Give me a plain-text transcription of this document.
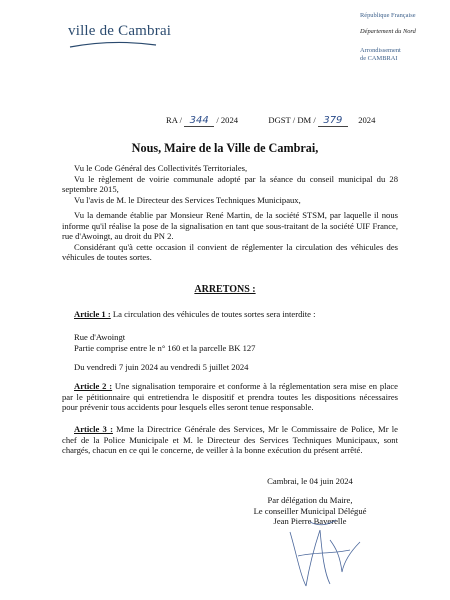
ville de Cambrai
République Française
Département du Nord
Arrondissement
de CAMBRAI
RA / 344 / 2024	DGST / DM / 379 2024
Nous, Maire de la Ville de Cambrai,

Vu le Code Général des Collectivités Territoriales,

Vu le règlement de voirie communale adopté par la séance du conseil municipal du 28 septembre 2015,

Vu l'avis de M. le Directeur des Services Techniques Municipaux,

Vu la demande établie par Monsieur René Martin, de la société STSM, par laquelle il nous informe qu'il réalise la pose de la signalisation en tant que sous-traitant de la société UIF France, rue d'Awoingt, au droit du PN 2.

Considérant qu'à cette occasion il convient de réglementer la circulation des véhicules des véhicules de toutes sortes.

ARRETONS :

Article 1 : La circulation des véhicules de toutes sortes sera interdite :

Rue d'Awoingt

Partie comprise entre le n° 160 et la parcelle BK 127

Du vendredi 7 juin 2024 au vendredi 5 juillet 2024

Article 2 : Une signalisation temporaire et conforme à la réglementation sera mise en place par le pétitionnaire qui entretiendra le dispositif et prendra toutes les dispositions nécessaires pour prévenir tous accidents pour lesquels elles seront tenue responsable.

Article 3 : Mme la Directrice Générale des Services, Mr le Commissaire de Police, Mr le chef de la Police Municipale et M. le Directeur des Services Techniques Municipaux, sont chargés, chacun en ce qui le concerne, de veiller à la bonne exécution du présent arrêté.

Cambrai, le 04 juin 2024
Par délégation du Maire,
Le conseiller Municipal Délégué
Jean Pierre Baverelle
